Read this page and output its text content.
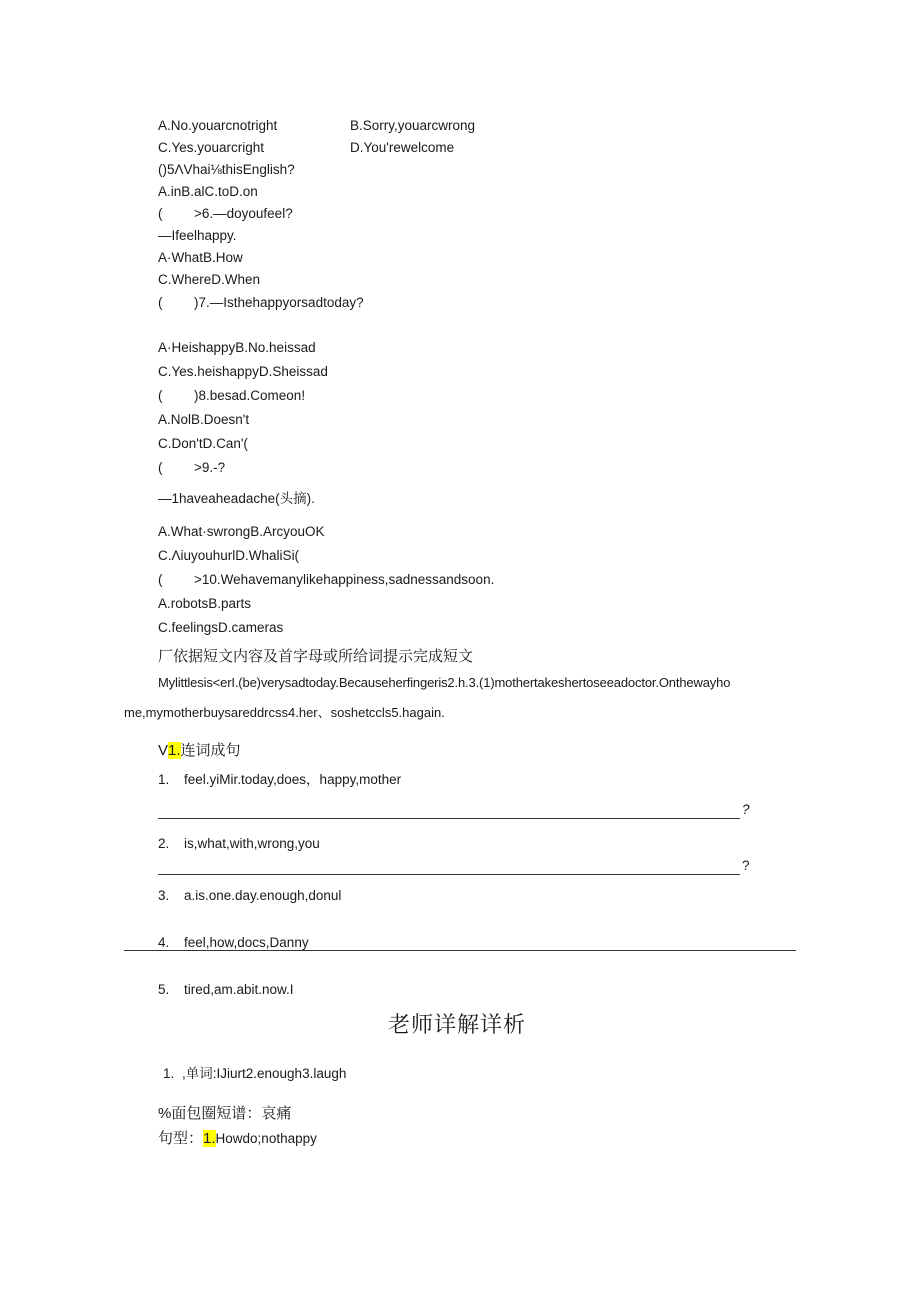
A.No.youarcnotright	B.Sorry,youarcwrong
C.Yes.youarcright	D.You'rewelcome
()5ΛVhai⅛thisEnglish?
A.inB.alC.toD.on
( >6.—doyoufeel?
—Ifeelhappy.
A·WhatB.How
C.WhereD.When
( )7.—Isthehappyorsadtoday?
A·HeishappyB.No.heissad
C.Yes.heishappyD.Sheissad
( )8.besad.Comeon!
A.NolB.Doesn't
C.Don'tD.Can'(
( >9.-?
—1haveaheadache(头摘).
A.What·swrongB.ArcyouOK
C.ΛiuyouhurlD.WhaliSi(
( >10.Wehavemanylikehappiness,sadnessandsoon.
A.robotsB.parts
C.feelingsD.cameras
厂依据短文内容及首字母或所给词提示完成短文
Mylittlesis<erI.(be)verysadtoday.Becauseherfingeris2.h.3.(1)mothertakeshertoseeadoctor.Onthewayho
me,mymotherbuysareddrcss4.her、soshetccls5.hagain.
V1.连词成句
1. feel.yiMir.today,does，happy,mother
?
2. is,what,with,wrong,you
?
3. a.is.one.day.enough,donul
4. feel,how,docs,Danny
5. tired,am.abit.now.I
老师详解详析
1. ,单词:IJiurt2.enough3.laugh
%面包圈短谱：哀痛
句型：1.Howdo;nothappy
